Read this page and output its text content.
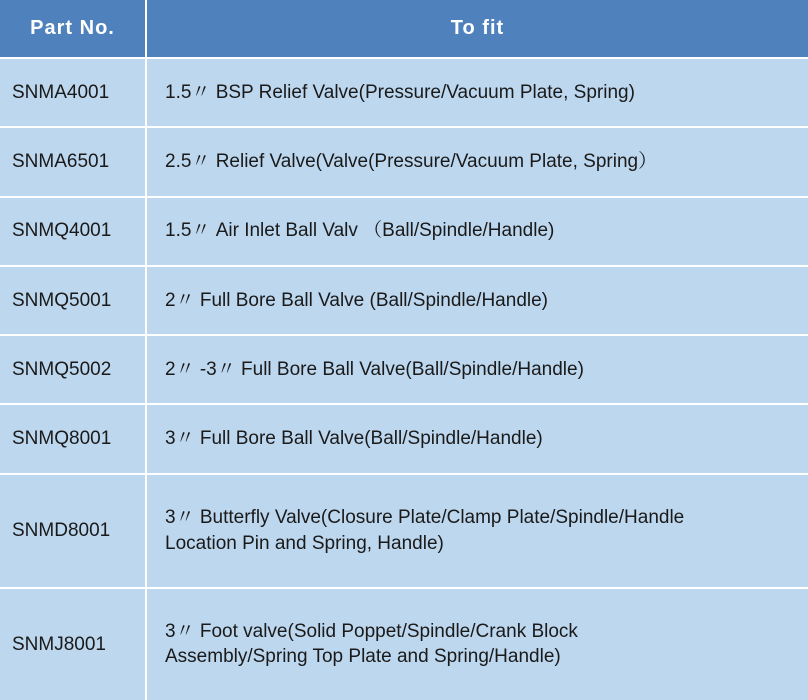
Part No.	To fit
SNMA4001	1.5〃 BSP Relief Valve(Pressure/Vacuum Plate, Spring)

SNMA6501	2.5〃 Relief Valve(Valve(Pressure/Vacuum Plate, Spring）

SNMQ4001	1.5〃 Air Inlet Ball Valv （Ball/Spindle/Handle)

SNMQ5001	2〃 Full Bore Ball Valve (Ball/Spindle/Handle)

SNMQ5002	2〃 -3〃 Full Bore Ball Valve(Ball/Spindle/Handle)

SNMQ8001	3〃 Full Bore Ball Valve(Ball/Spindle/Handle)

SNMD8001	3〃 Butterfly Valve(Closure Plate/Clamp Plate/Spindle/Handle
Location Pin and Spring, Handle)

SNMJ8001	3〃 Foot valve(Solid Poppet/Spindle/Crank Block
Assembly/Spring Top Plate and Spring/Handle)
